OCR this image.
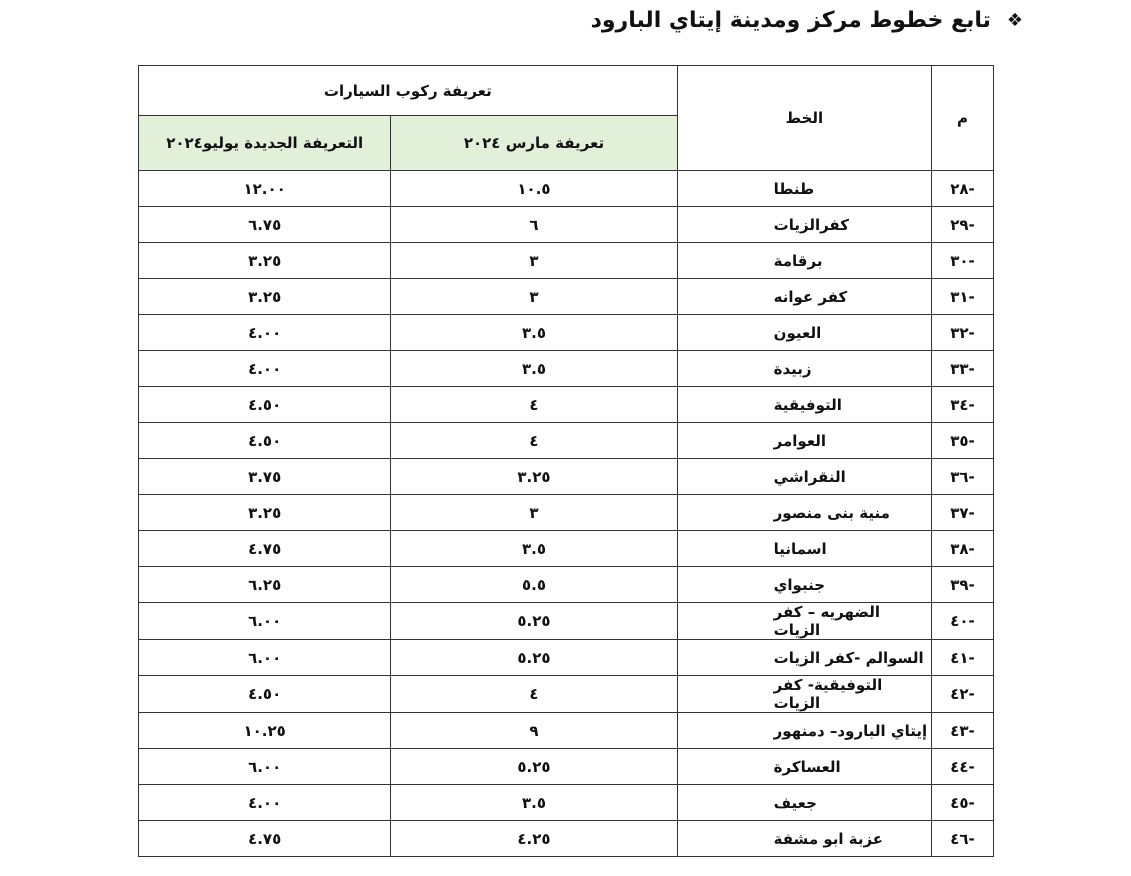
❖
تابع خطوط مركز ومدينة إيتاي البارود
م	الخط	تعريفة ركوب السيارات	
		تعريفة مارس ٢٠٢٤	التعريفة الجديدة يوليو٢٠٢٤
-٢٨	طنطا	١٠.٥	١٢.٠٠
-٢٩	كفرالزيات	٦	٦.٧٥
-٣٠	برقامة	٣	٣.٢٥
-٣١	كفر عوانه	٣	٣.٢٥
-٣٢	العيون	٣.٥	٤.٠٠
-٣٣	زبيدة	٣.٥	٤.٠٠
-٣٤	التوفيقية	٤	٤.٥٠
-٣٥	العوامر	٤	٤.٥٠
-٣٦	النقراشي	٣.٢٥	٣.٧٥
-٣٧	منية بنى منصور	٣	٣.٢٥
-٣٨	اسمانيا	٣.٥	٤.٧٥
-٣٩	جنبواي	٥.٥	٦.٢٥
-٤٠	الضهريه – كفر الزيات	٥.٢٥	٦.٠٠
-٤١	السوالم -كفر الزيات	٥.٢٥	٦.٠٠
-٤٢	التوفيقية- كفر الزيات	٤	٤.٥٠
-٤٣	إيتاي البارود– دمنهور	٩	١٠.٢٥
-٤٤	العساكرة	٥.٢٥	٦.٠٠
-٤٥	جعيف	٣.٥	٤.٠٠
-٤٦	عزبة ابو مشفة	٤.٢٥	٤.٧٥
